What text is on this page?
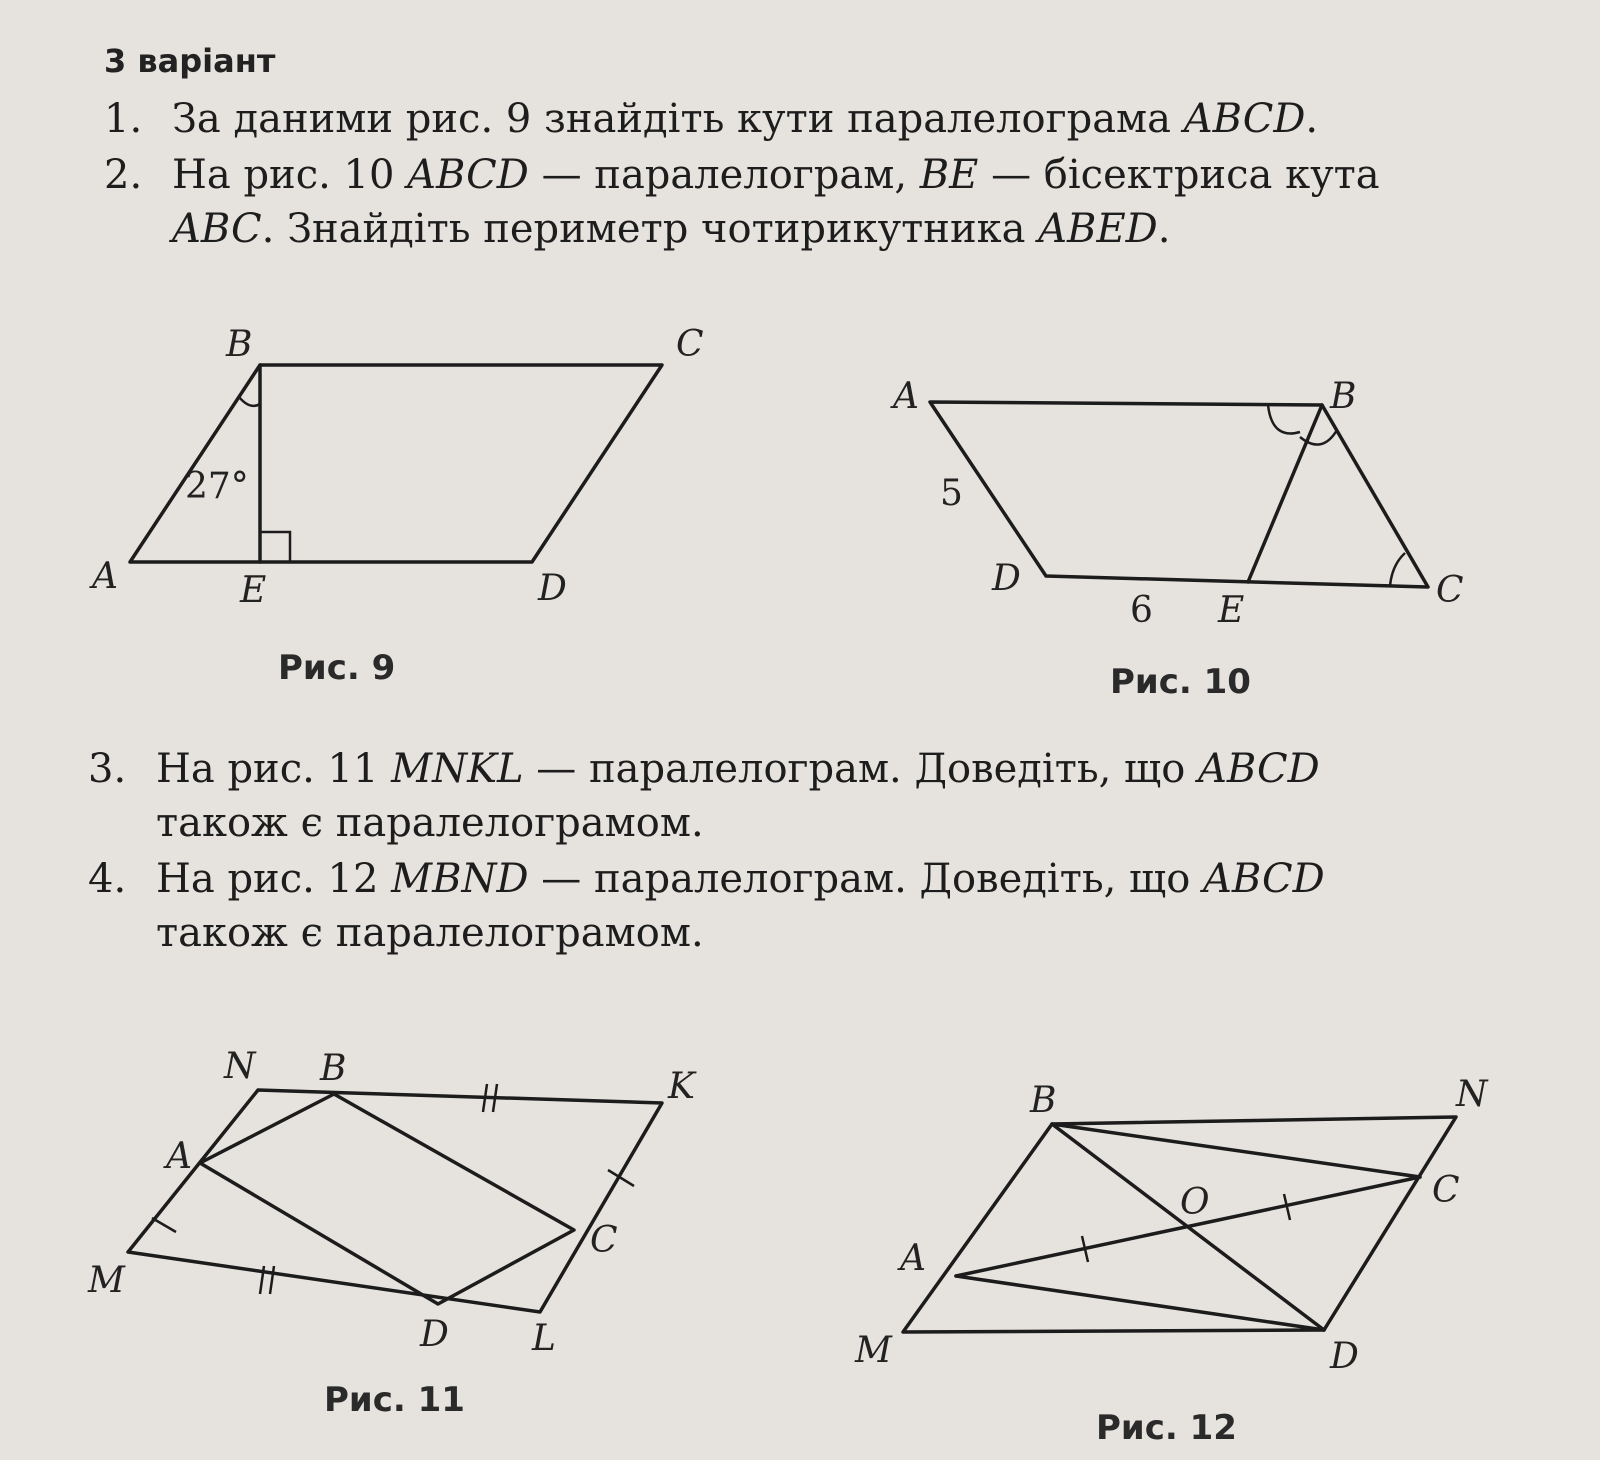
3 варіант
1. За даними рис. 9 знайдіть кути паралелограма ABCD.
2. На рис. 10 ABCD — паралелограм, BE — бісектриса кута
ABC. Знайдіть периметр чотирикутника ABED.
3. На рис. 11 MNKL — паралелограм. Доведіть, що ABCD
також є паралелограмом.
4. На рис. 12 MBND — паралелограм. Доведіть, що ABCD
також є паралелограмом.
27°
B	C
A	E	D
5
6
A	B
C
D
E
M
N B	K
A
C
D L	M
B	N
D
A
C
O
Рис. 9	Рис. 10
Рис. 11
Рис. 12
